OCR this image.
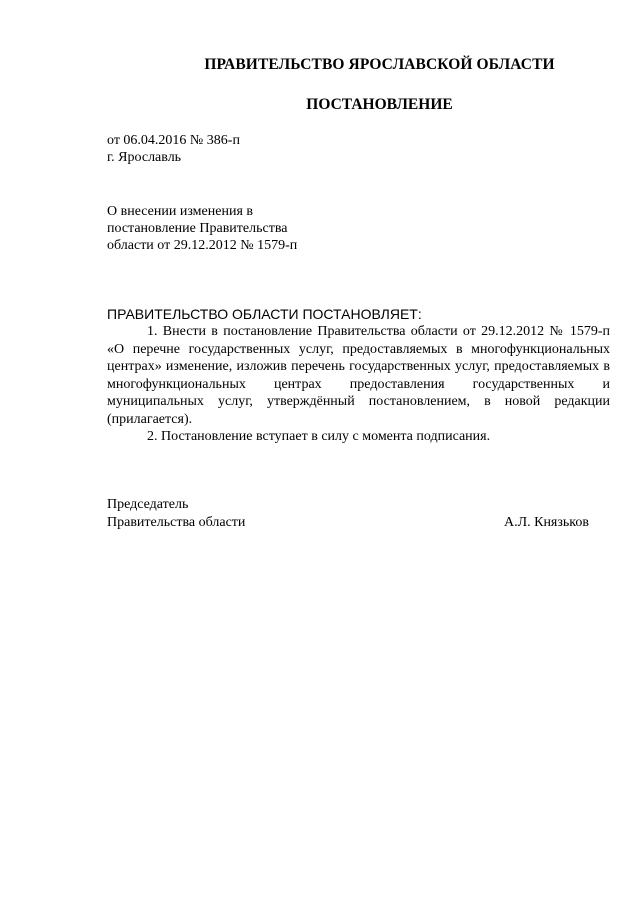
ПРАВИТЕЛЬСТВО ЯРОСЛАВСКОЙ ОБЛАСТИ
ПОСТАНОВЛЕНИЕ
от 06.04.2016 № 386-п
г. Ярославль
О внесении изменения в
постановление Правительства
области от 29.12.2012 № 1579-п
ПРАВИТЕЛЬСТВО ОБЛАСТИ ПОСТАНОВЛЯЕТ:

1. Внести в постановление Правительства области от 29.12.2012 № 1579-п «О перечне государственных услуг, предоставляемых в многофункциональных центрах» изменение, изложив перечень государственных услуг, предоставляемых в многофункциональных центрах предоставления государственных и муниципальных услуг, утверждённый постановлением, в новой редакции (прилагается).

2. Постановление вступает в силу с момента подписания.

Председатель
Правительства области	А.Л. Князьков
